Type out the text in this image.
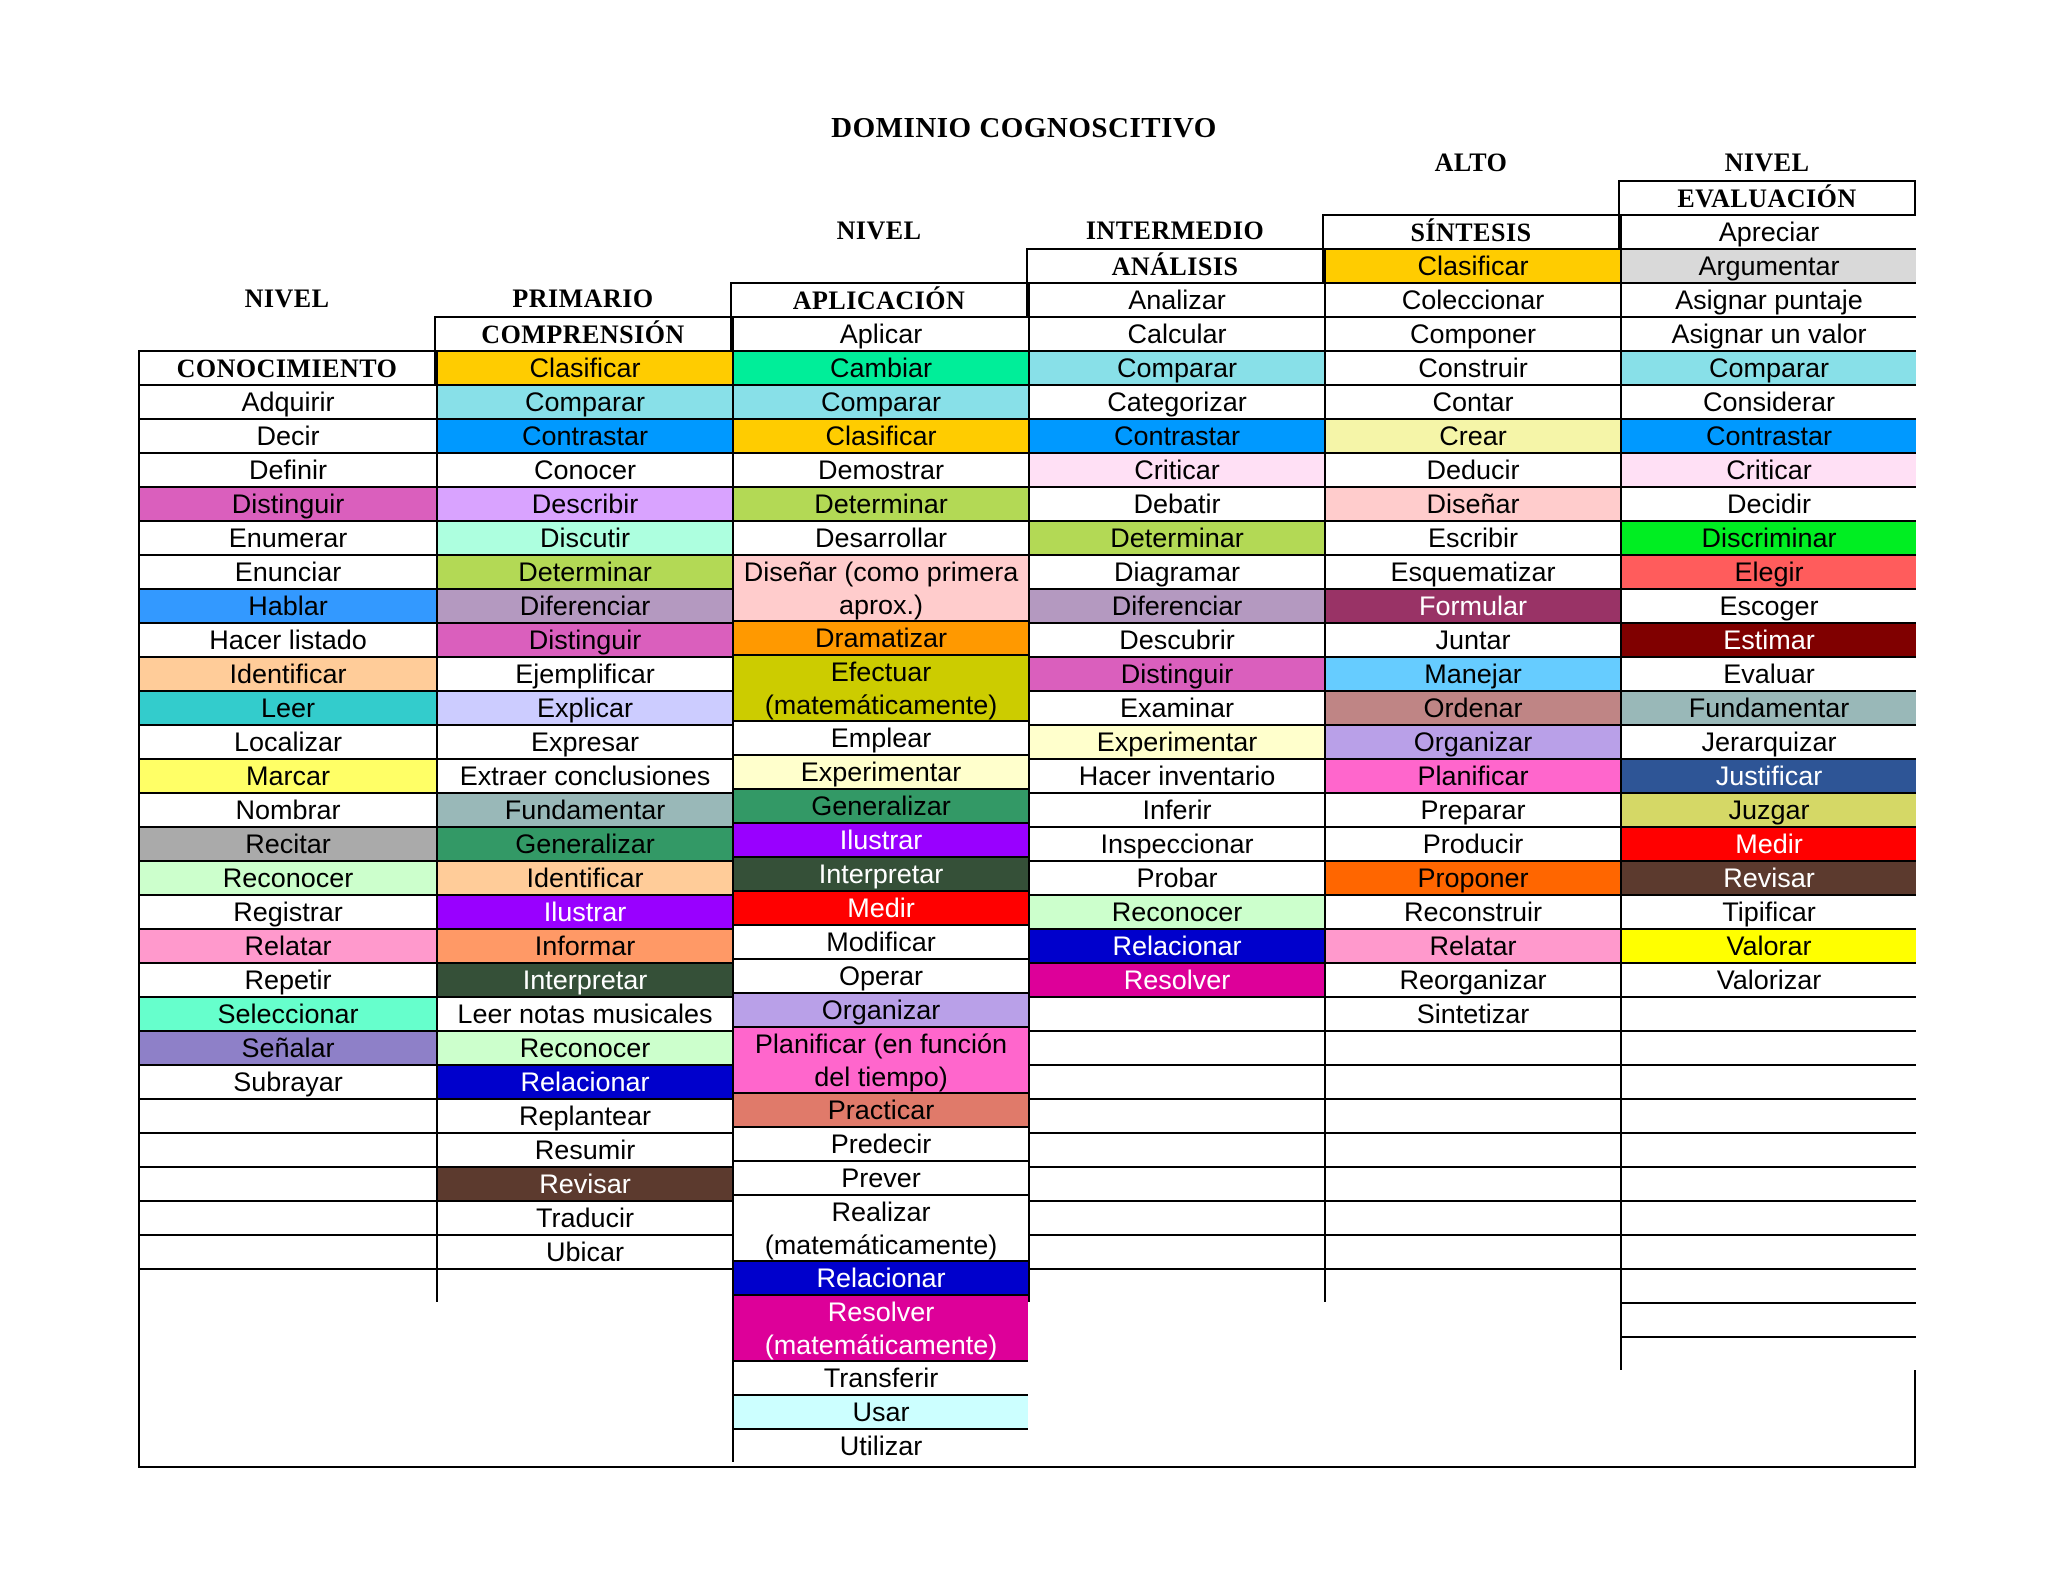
DOMINIO COGNOSCITIVO
NIVEL
CONOCIMIENTO
PRIMARIO
COMPRENSIÓN
NIVEL
APLICACIÓN
INTERMEDIO
ANÁLISIS
ALTO
SÍNTESIS
NIVEL
EVALUACIÓN
Adquirir
Decir
Definir
Distinguir
Enumerar
Enunciar
Hablar
Hacer listado
Identificar
Leer
Localizar
Marcar
Nombrar
Recitar
Reconocer
Registrar
Relatar
Repetir
Seleccionar
Señalar
Subrayar
Clasificar
Comparar
Contrastar
Conocer
Describir
Discutir
Determinar
Diferenciar
Distinguir
Ejemplificar
Explicar
Expresar
Extraer conclusiones
Fundamentar
Generalizar
Identificar
Ilustrar
Informar
Interpretar
Leer notas musicales
Reconocer
Relacionar
Replantear
Resumir
Revisar
Traducir
Ubicar
Aplicar
Cambiar
Comparar
Clasificar
Demostrar
Determinar
Desarrollar
Diseñar (como primera aprox.)
Dramatizar
Efectuar (matemáticamente)
Emplear
Experimentar
Generalizar
Ilustrar
Interpretar
Medir
Modificar
Operar
Organizar
Planificar (en función del tiempo)
Practicar
Predecir
Prever
Realizar (matemáticamente)
Relacionar
Resolver (matemáticamente)
Transferir
Usar
Utilizar
Analizar
Calcular
Comparar
Categorizar
Contrastar
Criticar
Debatir
Determinar
Diagramar
Diferenciar
Descubrir
Distinguir
Examinar
Experimentar
Hacer inventario
Inferir
Inspeccionar
Probar
Reconocer
Relacionar
Resolver
Clasificar
Coleccionar
Componer
Construir
Contar
Crear
Deducir
Diseñar
Escribir
Esquematizar
Formular
Juntar
Manejar
Ordenar
Organizar
Planificar
Preparar
Producir
Proponer
Reconstruir
Relatar
Reorganizar
Sintetizar
Apreciar
Argumentar
Asignar puntaje
Asignar un valor
Comparar
Considerar
Contrastar
Criticar
Decidir
Discriminar
Elegir
Escoger
Estimar
Evaluar
Fundamentar
Jerarquizar
Justificar
Juzgar
Medir
Revisar
Tipificar
Valorar
Valorizar
